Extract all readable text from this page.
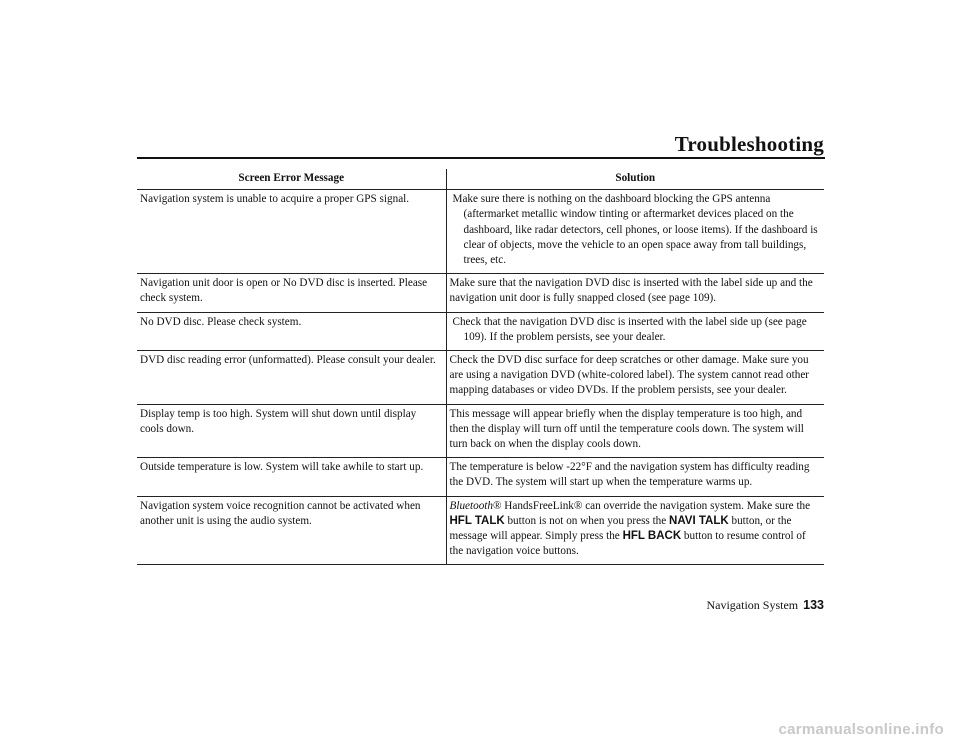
Troubleshooting
Screen Error Message	Solution
Navigation system is unable to acquire a proper GPS signal.	Make sure there is nothing on the dashboard blocking the GPS antenna (aftermarket metallic window tinting or aftermarket devices placed on the dashboard, like radar detectors, cell phones, or loose items). If the dashboard is clear of objects, move the vehicle to an open space away from tall buildings, trees, etc.

Navigation unit door is open or No DVD disc is inserted. Please check system.	Make sure that the navigation DVD disc is inserted with the label side up and the navigation unit door is fully snapped closed (see page 109).
No DVD disc. Please check system.	Check that the navigation DVD disc is inserted with the label side up (see page 109). If the problem persists, see your dealer.

DVD disc reading error (unformatted). Please consult your dealer.	Check the DVD disc surface for deep scratches or other damage. Make sure you are using a navigation DVD (white-colored label). The system cannot read other mapping databases or video DVDs. If the problem persists, see your dealer.
Display temp is too high. System will shut down until display cools down.	This message will appear briefly when the display temperature is too high, and then the display will turn off until the temperature cools down. The system will turn back on when the display cools down.
Outside temperature is low. System will take awhile to start up.	The temperature is below -22°F and the navigation system has difficulty reading the DVD. The system will start up when the temperature warms up.
Navigation system voice recognition cannot be activated when another unit is using the audio system.	Bluetooth® HandsFreeLink® can override the navigation system. Make sure the HFL TALK button is not on when you press the NAVI TALK button, or the message will appear. Simply press the HFL BACK button to resume control of the navigation voice buttons.
Navigation System 133
carmanualsonline.info
